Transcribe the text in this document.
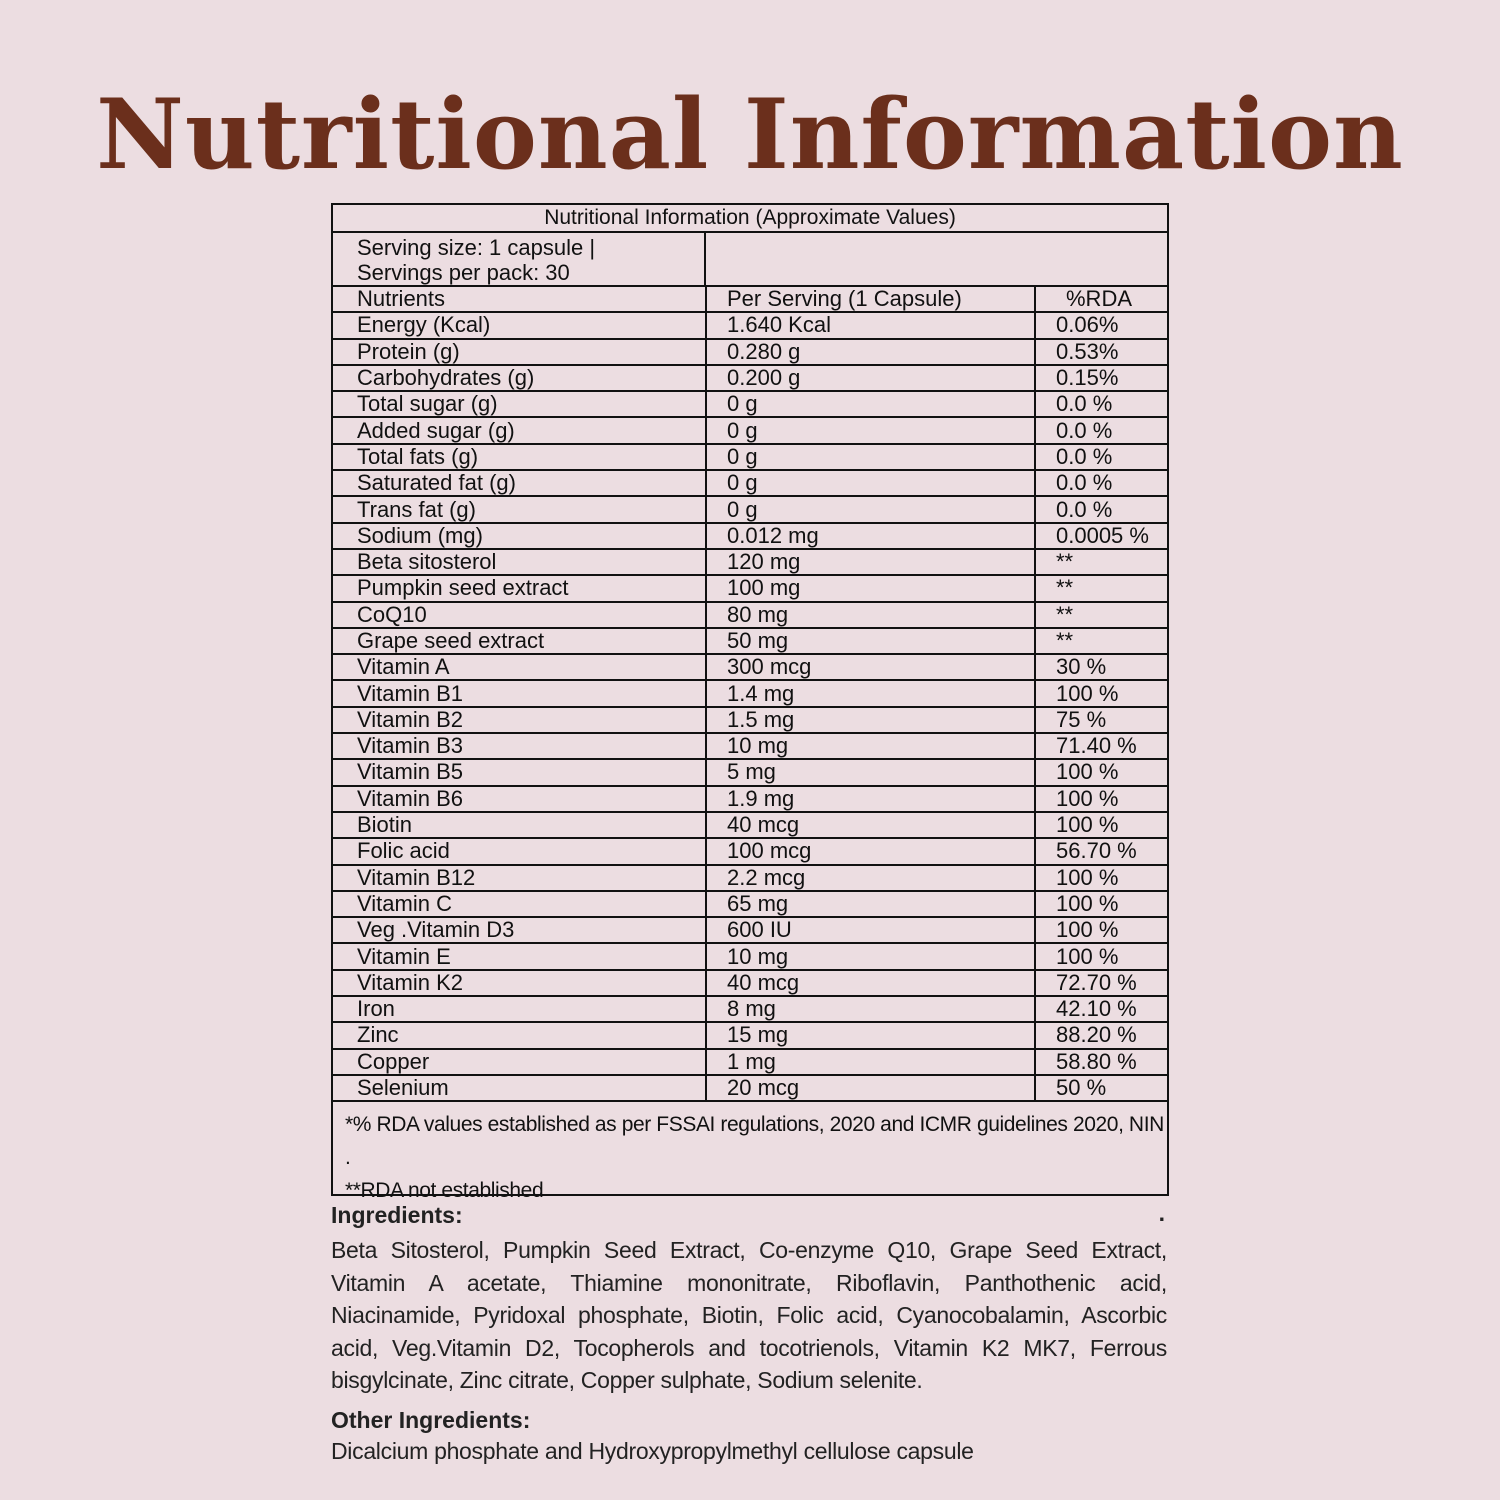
Nutritional Information
Nutritional Information (Approximate Values)
Serving size: 1 capsule |
Servings per pack: 30
Nutrients	Per Serving (1 Capsule)	%RDA
Energy (Kcal)	1.640 Kcal	0.06%
Protein (g)	0.280 g	0.53%
Carbohydrates (g)	0.200 g	0.15%
Total sugar (g)	0 g	0.0 %
Added sugar (g)	0 g	0.0 %
Total fats (g)	0 g	0.0 %
Saturated fat (g)	0 g	0.0 %
Trans fat (g)	0 g	0.0 %
Sodium (mg)	0.012 mg	0.0005 %
Beta sitosterol	120 mg	**
Pumpkin seed extract	100 mg	**
CoQ10	80 mg	**
Grape seed extract	50 mg	**
Vitamin A	300 mcg	30 %
Vitamin B1	1.4 mg	100 %
Vitamin B2	1.5 mg	75 %
Vitamin B3	10 mg	71.40 %
Vitamin B5	5 mg	100 %
Vitamin B6	1.9 mg	100 %
Biotin	40 mcg	100 %
Folic acid	100 mcg	56.70 %
Vitamin B12	2.2 mcg	100 %
Vitamin C	65 mg	100 %
Veg .Vitamin D3	600 IU	100 %
Vitamin E	10 mg	100 %
Vitamin K2	40 mcg	72.70 %
Iron	8 mg	42.10 %
Zinc	15 mg	88.20 %
Copper	1 mg	58.80 %
Selenium	20 mcg	50 %
*% RDA values established as per FSSAI regulations, 2020 and ICMR guidelines 2020, NIN .
**RDA not established

Ingredients:	.

Beta Sitosterol, Pumpkin Seed Extract, Co-enzyme Q10, Grape Seed Extract, Vitamin A acetate, Thiamine mononitrate, Riboflavin, Panthothenic acid, Niacinamide, Pyridoxal phosphate, Biotin, Folic acid, Cyanocobalamin, Ascorbic acid, Veg.Vitamin D2, Tocopherols and tocotrienols, Vitamin K2 MK7, Ferrous bisgylcinate, Zinc citrate, Copper sulphate, Sodium selenite.

Other Ingredients:

Dicalcium phosphate and Hydroxypropylmethyl cellulose capsule
